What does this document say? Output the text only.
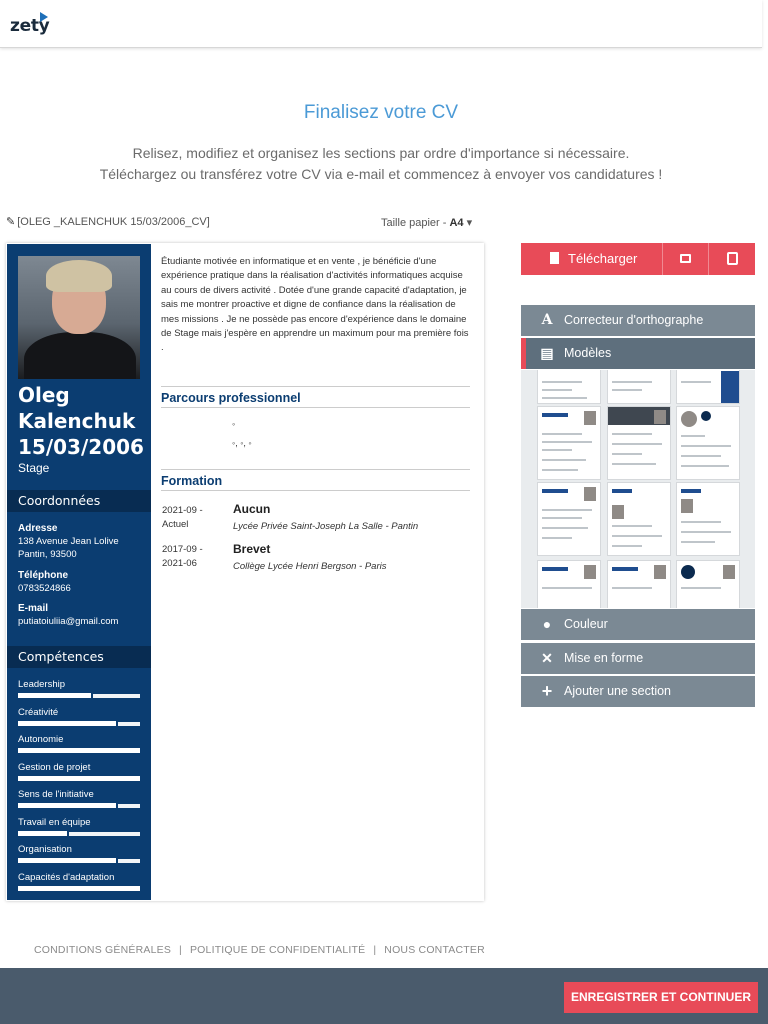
zety
Finalisez votre CV
Relisez, modifiez et organisez les sections par ordre d'importance si nécessaire.
Téléchargez ou transférez votre CV via e-mail et commencez à envoyer vos candidatures !
✎ [OLEG _KALENCHUK 15/03/2006_CV]	Taille papier - A4 ▾
Oleg
Kalenchuk
15/03/2006
Stage
Coordonnées
Adresse
138 Avenue Jean Lolive
Pantin, 93500
Téléphone
0783524866
E-mail
putiatoiuliia@gmail.com
Compétences
Leadership
Créativité
Autonomie
Gestion de projet
Sens de l'initiative
Travail en équipe
Organisation
Capacités d'adaptation

Étudiante motivée en informatique et en vente , je bénéficie d'une expérience pratique dans la réalisation d'activités informatiques acquise au cours de divers activité . Dotée d'une grande capacité d'adaptation, je sais me montrer proactive et digne de confiance dans la réalisation de mes missions . Je ne possède pas encore d'expérience dans le domaine de Stage mais j'espère en apprendre un maximum pour ma première fois .

Parcours professionnel
◦
◦, ◦, ◦
Formation
2021-09 -
Actuel
Aucun
Lycée Privée Saint-Joseph La Salle - Pantin
2017-09 -
2021-06
Brevet
Collège Lycée Henri Bergson - Paris
Télécharger
A Correcteur d'orthographe
▤ Modèles
●	Couleur
✕ Mise en forme
+ Ajouter une section
CONDITIONS GÉNÉRALES | POLITIQUE DE CONFIDENTIALITÉ | NOUS CONTACTER
ENREGISTRER ET CONTINUER
